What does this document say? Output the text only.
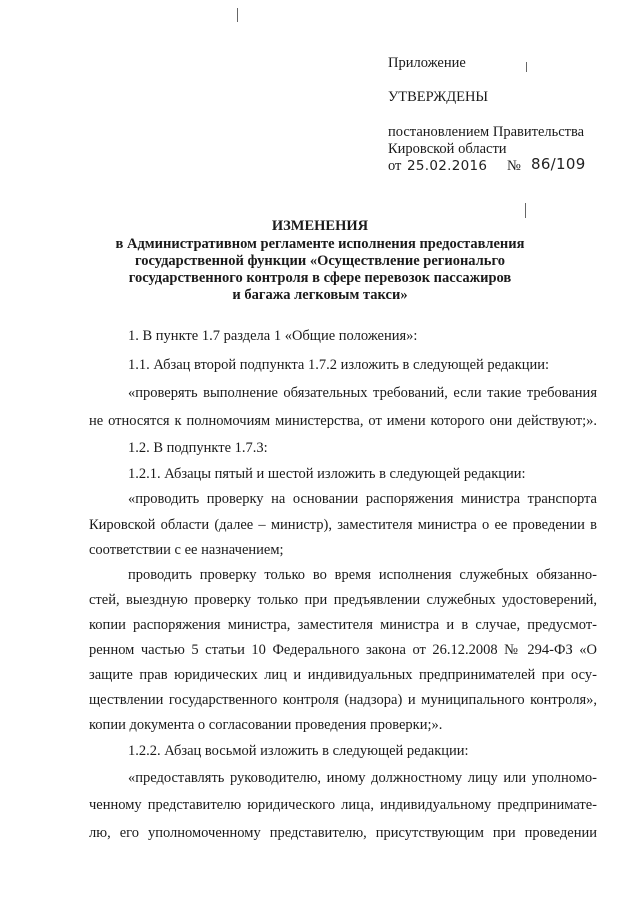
Приложение
УТВЕРЖДЕНЫ
постановлением Правительства
Кировской области
от 25.02.2016 № 86/109
ИЗМЕНЕНИЯ
в Административном регламенте исполнения предоставления
государственной функции «Осуществление региональго
государственного контроля в сфере перевозок пассажиров
и багажа легковым такси»
1. В пункте 1.7 раздела 1 «Общие положения»:
1.1. Абзац второй подпункта 1.7.2 изложить в следующей редакции:
«проверять выполнение обязательных требований, если такие требования
не относятся к полномочиям министерства, от имени которого они действуют;».
1.2. В подпункте 1.7.3:
1.2.1. Абзацы пятый и шестой изложить в следующей редакции:
«проводить проверку на основании распоряжения министра транспорта
Кировской области (далее – министр), заместителя министра о ее проведении в
соответствии с ее назначением;
проводить проверку только во время исполнения служебных обязанно-
стей, выездную проверку только при предъявлении служебных удостоверений,
копии распоряжения министра, заместителя министра и в случае, предусмот-
ренном частью 5 статьи 10 Федерального закона от 26.12.2008 № 294-ФЗ «О
защите прав юридических лиц и индивидуальных предпринимателей при осу-
ществлении государственного контроля (надзора) и муниципального контроля»,
копии документа о согласовании проведения проверки;».
1.2.2. Абзац восьмой изложить в следующей редакции:
«предоставлять руководителю, иному должностному лицу или уполномо-
ченному представителю юридического лица, индивидуальному предпринимате-
лю, его уполномоченному представителю, присутствующим при проведении
